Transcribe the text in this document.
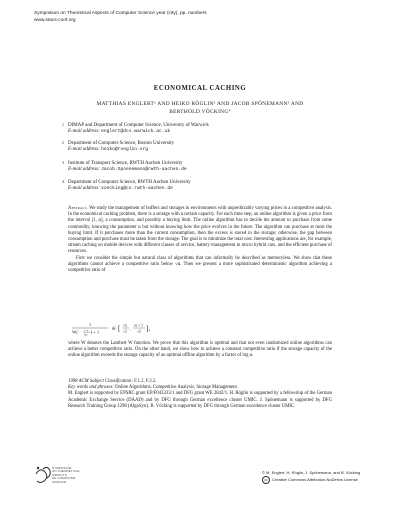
Symposium on Theoretical Aspects of Computer Science year (city), pp. numbers
www.stacs-conf.org
ECONOMICAL CACHING
MATTHIAS ENGLERT¹ AND HEIKO RÖGLIN² AND JACOB SPÖNEMANN³ AND
BERTHOLD VÖCKING⁴
1 DIMAP and Department of Computer Science, University of Warwick
E-mail address: englert@dcs.warwick.ac.uk
2 Department of Computer Science, Boston University
E-mail address: heiko@roeglin.org
3 Institute of Transport Science, RWTH Aachen University
E-mail address: Jacob.Spoenemann@rwth-aachen.de
4 Department of Computer Science, RWTH Aachen University
E-mail address: voecking@cs.rwth-aachen.de
Abstract. We study the management of buffers and storages in environments with unpredictably varying prices in a competitive analysis. In the economical caching problem, there is a storage with a certain capacity. For each time step, an online algorithm is given a price from the interval [1, α], a consumption, and possibly a buying limit. The online algorithm has to decide the amount to purchase from some commodity, knowing the parameter α but without knowing how the price evolves in the future. The algorithm can purchase at most the buying limit. If it purchases more than the current consumption, then the excess is stored in the storage; otherwise, the gap between consumption and purchase must be taken from the storage. The goal is to minimize the total cost. Interesting applications are, for example, stream caching on mobile devices with different classes of service, battery management in micro hybrid cars, and the efficient purchase of resources.
First we consider the simple but natural class of algorithms that can informally be described as memoryless. We show that these algorithms cannot achieve a competitive ratio below √α. Then we present a more sophisticated deterministic algorithm achieving a competitive ratio of
1
W( 1−α
eα ) + 1
∈ [ √α
√2
,
√α + 1
√2 ],
where W denotes the Lambert W function. We prove that this algorithm is optimal and that not even randomized online algorithms can achieve a better competitive ratio. On the other hand, we show how to achieve a constant competitive ratio if the storage capacity of the online algorithm exceeds the storage capacity of an optimal offline algorithm by a factor of log α.
1998 ACM Subject Classification: F.1.2, F.2.2.
Key words and phrases: Online Algorithms, Competitive Analysis, Storage Management.
M. Englert is supported by EPSRC grant EP/F043333/1 and DFG grant WE 2842/1. H. Röglin is supported by a fellowship of the German Academic Exchange Service (DAAD) and by DFG through German excellence cluster UMIC. J. Spönemann is supported by DFG Research Training Group 1298 (AlgoSyn). B. Vöcking is supported by DFG through German excellence cluster UMIC.
SYMPOSIUM
ON THEORETICAL
ASPECTS
OF COMPUTER
SCIENCE
© M. Englert, H. Röglin, J. Spönemann, and B. Vöcking
cc	Creative Commons Attribution-NoDerivs License
